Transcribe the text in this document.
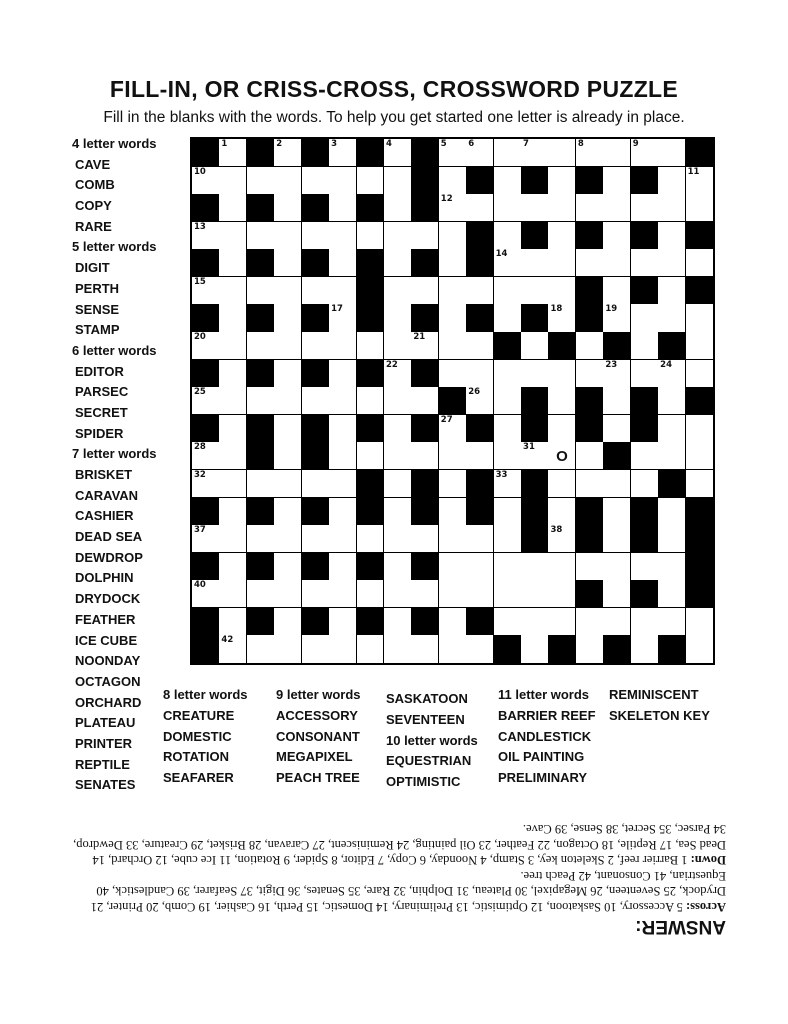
FILL-IN, OR CRISS-CROSS, CROSSWORD PUZZLE
Fill in the blanks with the words. To help you get started one letter is already in place.
4 letter words
CAVE
COMB
COPY
RARE
5 letter words
DIGIT
PERTH
SENSE
STAMP
6 letter words
EDITOR
PARSEC
SECRET
SPIDER
7 letter words
BRISKET
CARAVAN
CASHIER
DEAD SEA
DEWDROP
DOLPHIN
DRYDOCK
FEATHER
ICE CUBE
NOONDAY
OCTAGON
ORCHARD
PLATEAU
PRINTER
REPTILE
SENATES
8 letter words
CREATURE
DOMESTIC
ROTATION
SEAFARER
9 letter words
ACCESSORY
CONSONANT
MEGAPIXEL
PEACH TREE
SASKATOON
SEVENTEEN
10 letter words
EQUESTRIAN
OPTIMISTIC
11 letter words
BARRIER REEF
CANDLESTICK
OIL PAINTING
PRELIMINARY
REMINISCENT
SKELETON KEY
1	2	3	4	5	6	7	8	9
10	11
12
13
14
15
17	18	19
20	21
22	23	24
25	26
27
28	31
O
32	33
37	38
40
42
ANSWER:
Across: 5 Accessory, 10 Saskatoon, 12 Optimistic, 13 Preliminary, 14 Domestic, 15 Perth, 16 Cashier, 19 Comb, 20 Printer, 21 Drydock, 25 Seventeen, 26 Megapixel, 30 Plateau, 31 Dolphin, 32 Rare, 35 Senates, 36 Digit, 37 Seafarer, 39 Candlestick, 40 Equestrian, 41 Consonant, 42 Peach tree.
Down: 1 Barrier reef, 2 Skeleton key, 3 Stamp, 4 Noonday, 6 Copy, 7 Editor, 8 Spider, 9 Rotation, 11 Ice cube, 12 Orchard, 14 Dead Sea, 17 Reptile, 18 Octagon, 22 Feather, 23 Oil painting, 24 Reminiscent, 27 Caravan, 28 Brisket, 29 Creature, 33 Dewdrop, 34 Parsec, 35 Secret, 38 Sense, 39 Cave.
